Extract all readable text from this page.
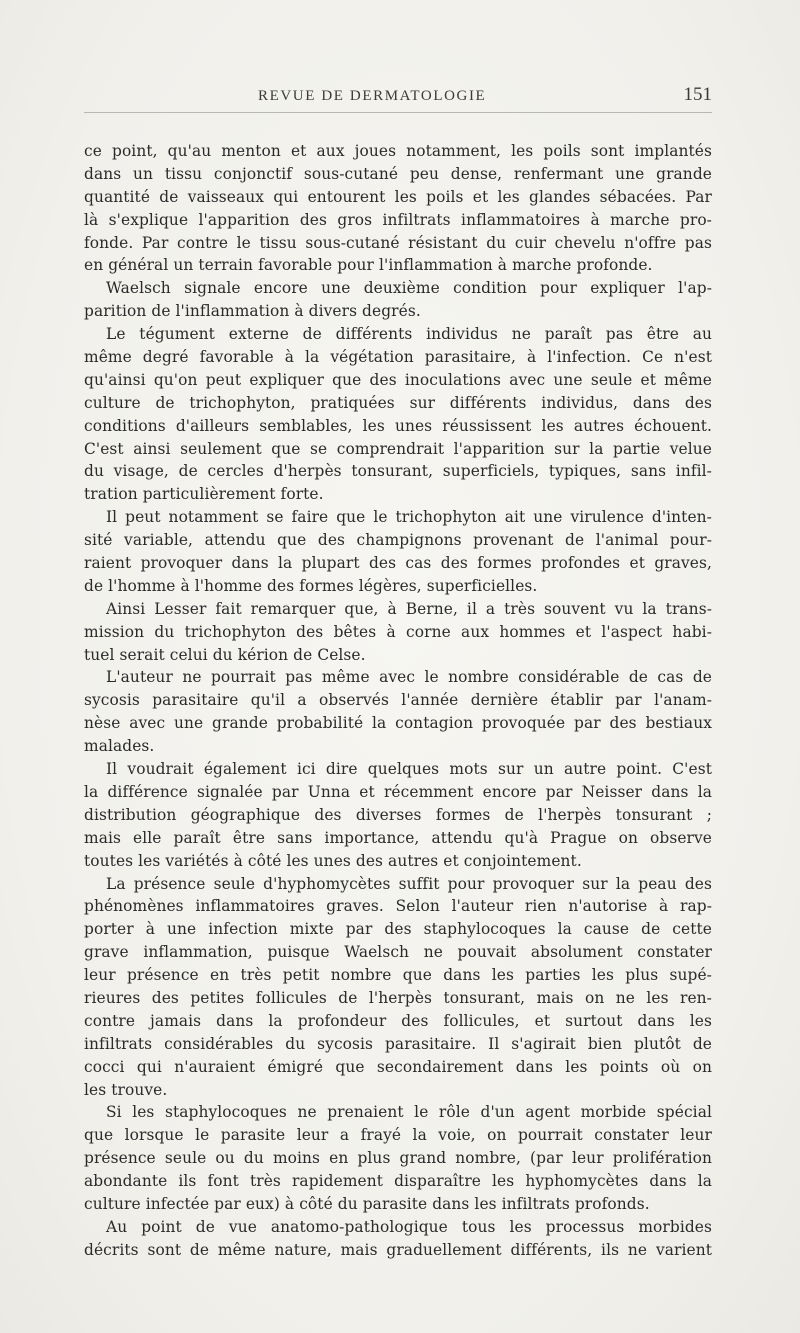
REVUE DE DERMATOLOGIE	151
ce point, qu'au menton et aux joues notamment, les poils sont implantés
dans un tissu conjonctif sous-cutané peu dense, renfermant une grande
quantité de vaisseaux qui entourent les poils et les glandes sébacées. Par
là s'explique l'apparition des gros infiltrats inflammatoires à marche pro-
fonde. Par contre le tissu sous-cutané résistant du cuir chevelu n'offre pas
en général un terrain favorable pour l'inflammation à marche profonde.
Waelsch signale encore une deuxième condition pour expliquer l'ap-
parition de l'inflammation à divers degrés.
Le tégument externe de différents individus ne paraît pas être au
même degré favorable à la végétation parasitaire, à l'infection. Ce n'est
qu'ainsi qu'on peut expliquer que des inoculations avec une seule et même
culture de trichophyton, pratiquées sur différents individus, dans des
conditions d'ailleurs semblables, les unes réussissent les autres échouent.
C'est ainsi seulement que se comprendrait l'apparition sur la partie velue
du visage, de cercles d'herpès tonsurant, superficiels, typiques, sans infil-
tration particulièrement forte.
Il peut notamment se faire que le trichophyton ait une virulence d'inten-
sité variable, attendu que des champignons provenant de l'animal pour-
raient provoquer dans la plupart des cas des formes profondes et graves,
de l'homme à l'homme des formes légères, superficielles.
Ainsi Lesser fait remarquer que, à Berne, il a très souvent vu la trans-
mission du trichophyton des bêtes à corne aux hommes et l'aspect habi-
tuel serait celui du kérion de Celse.
L'auteur ne pourrait pas même avec le nombre considérable de cas de
sycosis parasitaire qu'il a observés l'année dernière établir par l'anam-
nèse avec une grande probabilité la contagion provoquée par des bestiaux
malades.
Il voudrait également ici dire quelques mots sur un autre point. C'est
la différence signalée par Unna et récemment encore par Neisser dans la
distribution géographique des diverses formes de l'herpès tonsurant ;
mais elle paraît être sans importance, attendu qu'à Prague on observe
toutes les variétés à côté les unes des autres et conjointement.
La présence seule d'hyphomycètes suffit pour provoquer sur la peau des
phénomènes inflammatoires graves. Selon l'auteur rien n'autorise à rap-
porter à une infection mixte par des staphylocoques la cause de cette
grave inflammation, puisque Waelsch ne pouvait absolument constater
leur présence en très petit nombre que dans les parties les plus supé-
rieures des petites follicules de l'herpès tonsurant, mais on ne les ren-
contre jamais dans la profondeur des follicules, et surtout dans les
infiltrats considérables du sycosis parasitaire. Il s'agirait bien plutôt de
cocci qui n'auraient émigré que secondairement dans les points où on
les trouve.
Si les staphylocoques ne prenaient le rôle d'un agent morbide spécial
que lorsque le parasite leur a frayé la voie, on pourrait constater leur
présence seule ou du moins en plus grand nombre, (par leur prolifération
abondante ils font très rapidement disparaître les hyphomycètes dans la
culture infectée par eux) à côté du parasite dans les infiltrats profonds.
Au point de vue anatomo-pathologique tous les processus morbides
décrits sont de même nature, mais graduellement différents, ils ne varient
